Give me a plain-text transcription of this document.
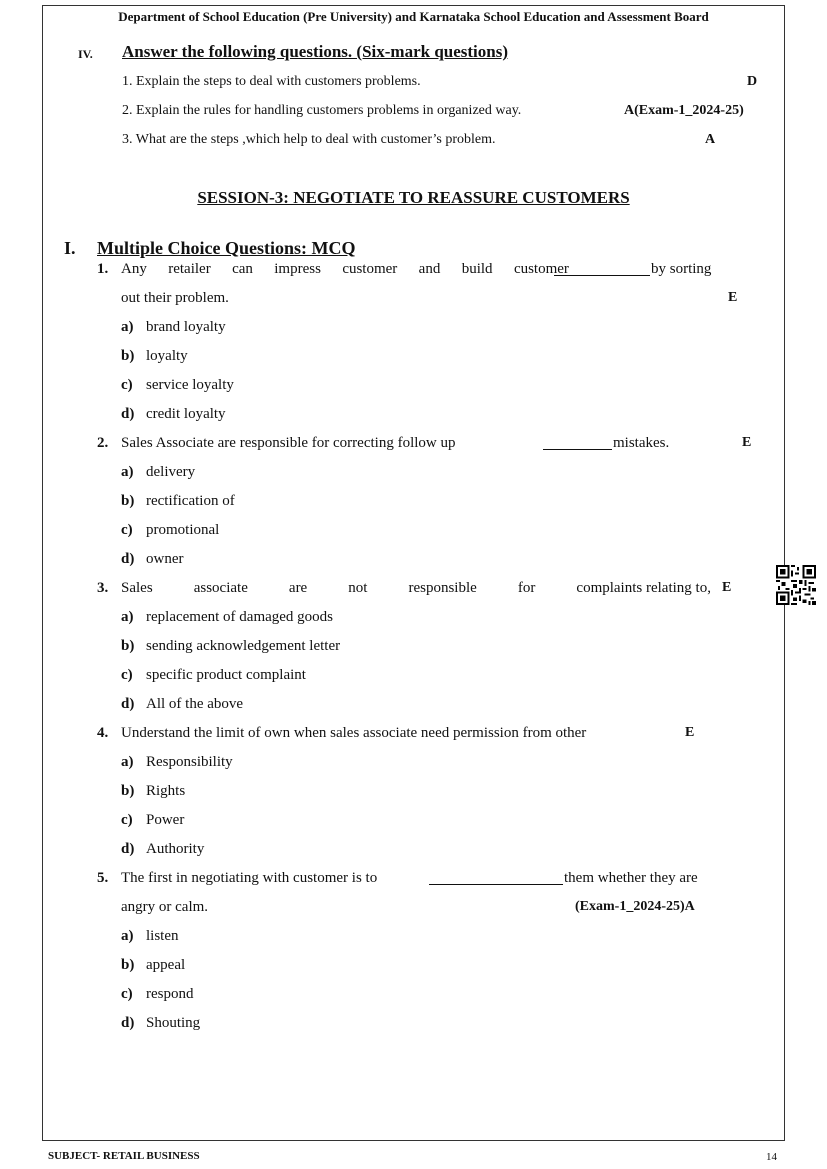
Department of School Education (Pre University) and Karnataka School Education and Assessment Board
IV. Answer the following questions. (Six-mark questions)
1. Explain the steps to deal with customers problems.	D
2. Explain the rules for handling customers problems in organized way.	A(Exam-1_2024-25)
3. What are the steps ,which help to deal with customer’s problem.	A
SESSION-3: NEGOTIATE TO REASSURE CUSTOMERS
I. Multiple Choice Questions: MCQ
1. Any retailer can impress customer and build customer	by sorting
out their problem.	E
a) brand loyalty
b) loyalty
c) service loyalty
d) credit loyalty
2. Sales Associate are responsible for correcting follow up	mistakes.	E
a) delivery
b) rectification of
c) promotional
d) owner
3. Sales	associate	are	not	responsible	for	complaints relating to, E
a) replacement of damaged goods
b) sending acknowledgement letter
c) specific product complaint
d) All of the above
4. Understand the limit of own when sales associate need permission from other	E
a) Responsibility
b) Rights
c) Power
d) Authority
5. The first in negotiating with customer is to	them whether they are
angry or calm.	(Exam-1_2024-25)A
a) listen
b) appeal
c) respond
d) Shouting
SUBJECT- RETAIL BUSINESS	14
